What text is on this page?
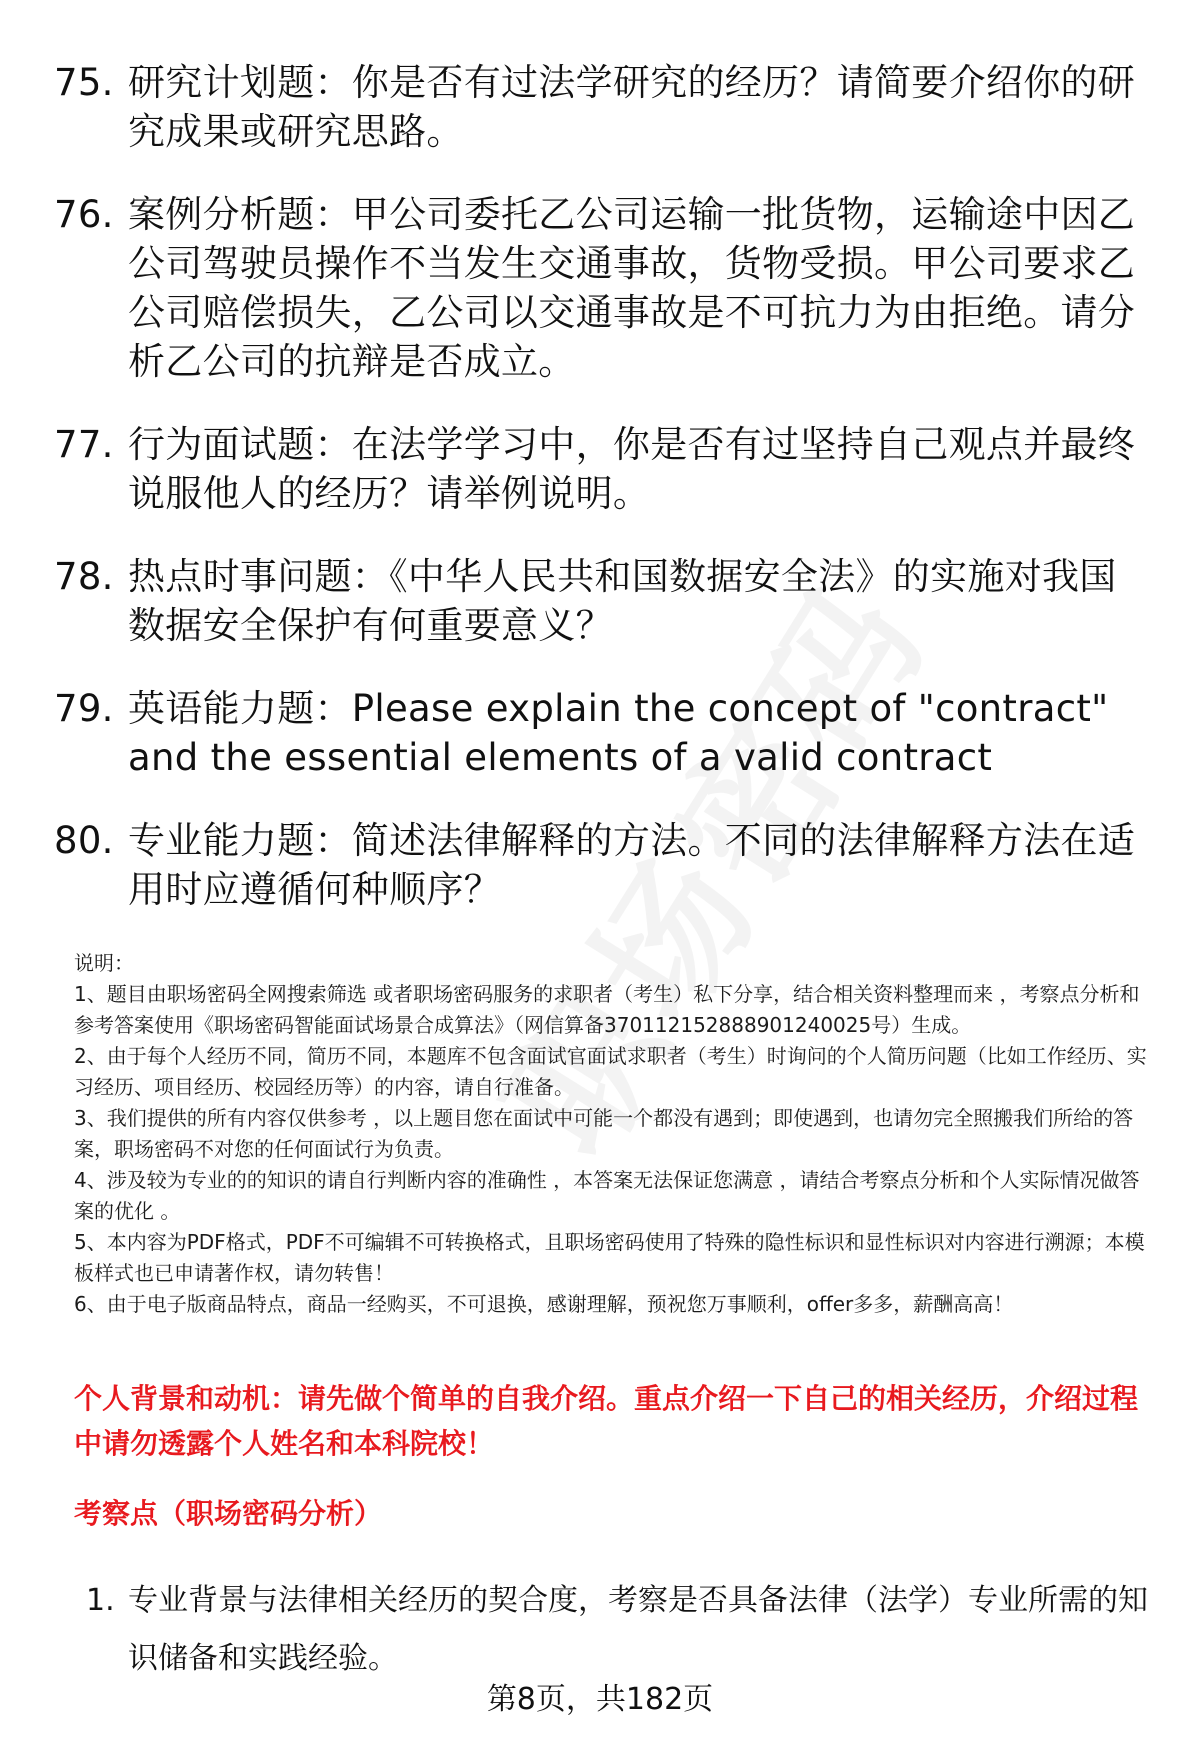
75. 研究计划题：你是否有过法学研究的经历？请简要介绍你的研究成果或研究思路。
76. 案例分析题：甲公司委托乙公司运输一批货物，运输途中因乙公司驾驶员操作不当发生交通事故，货物受损。甲公司要求乙公司赔偿损失，乙公司以交通事故是不可抗力为由拒绝。请分析乙公司的抗辩是否成立。
77. 行为面试题：在法学学习中，你是否有过坚持自己观点并最终说服他人的经历？请举例说明。
78. 热点时事问题：《中华人民共和国数据安全法》的实施对我国数据安全保护有何重要意义？
79. 英语能力题：Please explain the concept of "contract" and the essential elements of a valid contract
80. 专业能力题：简述法律解释的方法。不同的法律解释方法在适用时应遵循何种顺序？

说明：

1、题目由职场密码全网搜索筛选 或者职场密码服务的求职者（考生）私下分享，结合相关资料整理而来 ，考察点分析和参考答案使用《职场密码智能面试场景合成算法》（网信算备370112152888901240025号）生成。

2、由于每个人经历不同，简历不同，本题库不包含面试官面试求职者（考生）时询问的个人简历问题（比如工作经历、实习经历、项目经历、校园经历等）的内容，请自行准备。

3、我们提供的所有内容仅供参考 ，以上题目您在面试中可能一个都没有遇到；即使遇到，也请勿完全照搬我们所给的答案，职场密码不对您的任何面试行为负责。

4、涉及较为专业的的知识的请自行判断内容的准确性 ，本答案无法保证您满意 ，请结合考察点分析和个人实际情况做答案的优化 。

5、本内容为PDF格式，PDF不可编辑不可转换格式，且职场密码使用了特殊的隐性标识和显性标识对内容进行溯源；本模板样式也已申请著作权，请勿转售！

6、由于电子版商品特点，商品一经购买，不可退换，感谢理解，预祝您万事顺利，offer多多，薪酬高高！

个人背景和动机：请先做个简单的自我介绍。重点介绍一下自己的相关经历，介绍过程中请勿透露个人姓名和本科院校！
考察点（职场密码分析）
1. 专业背景与法律相关经历的契合度，考察是否具备法律（法学）专业所需的知识储备和实践经验。
第8页，共182页
